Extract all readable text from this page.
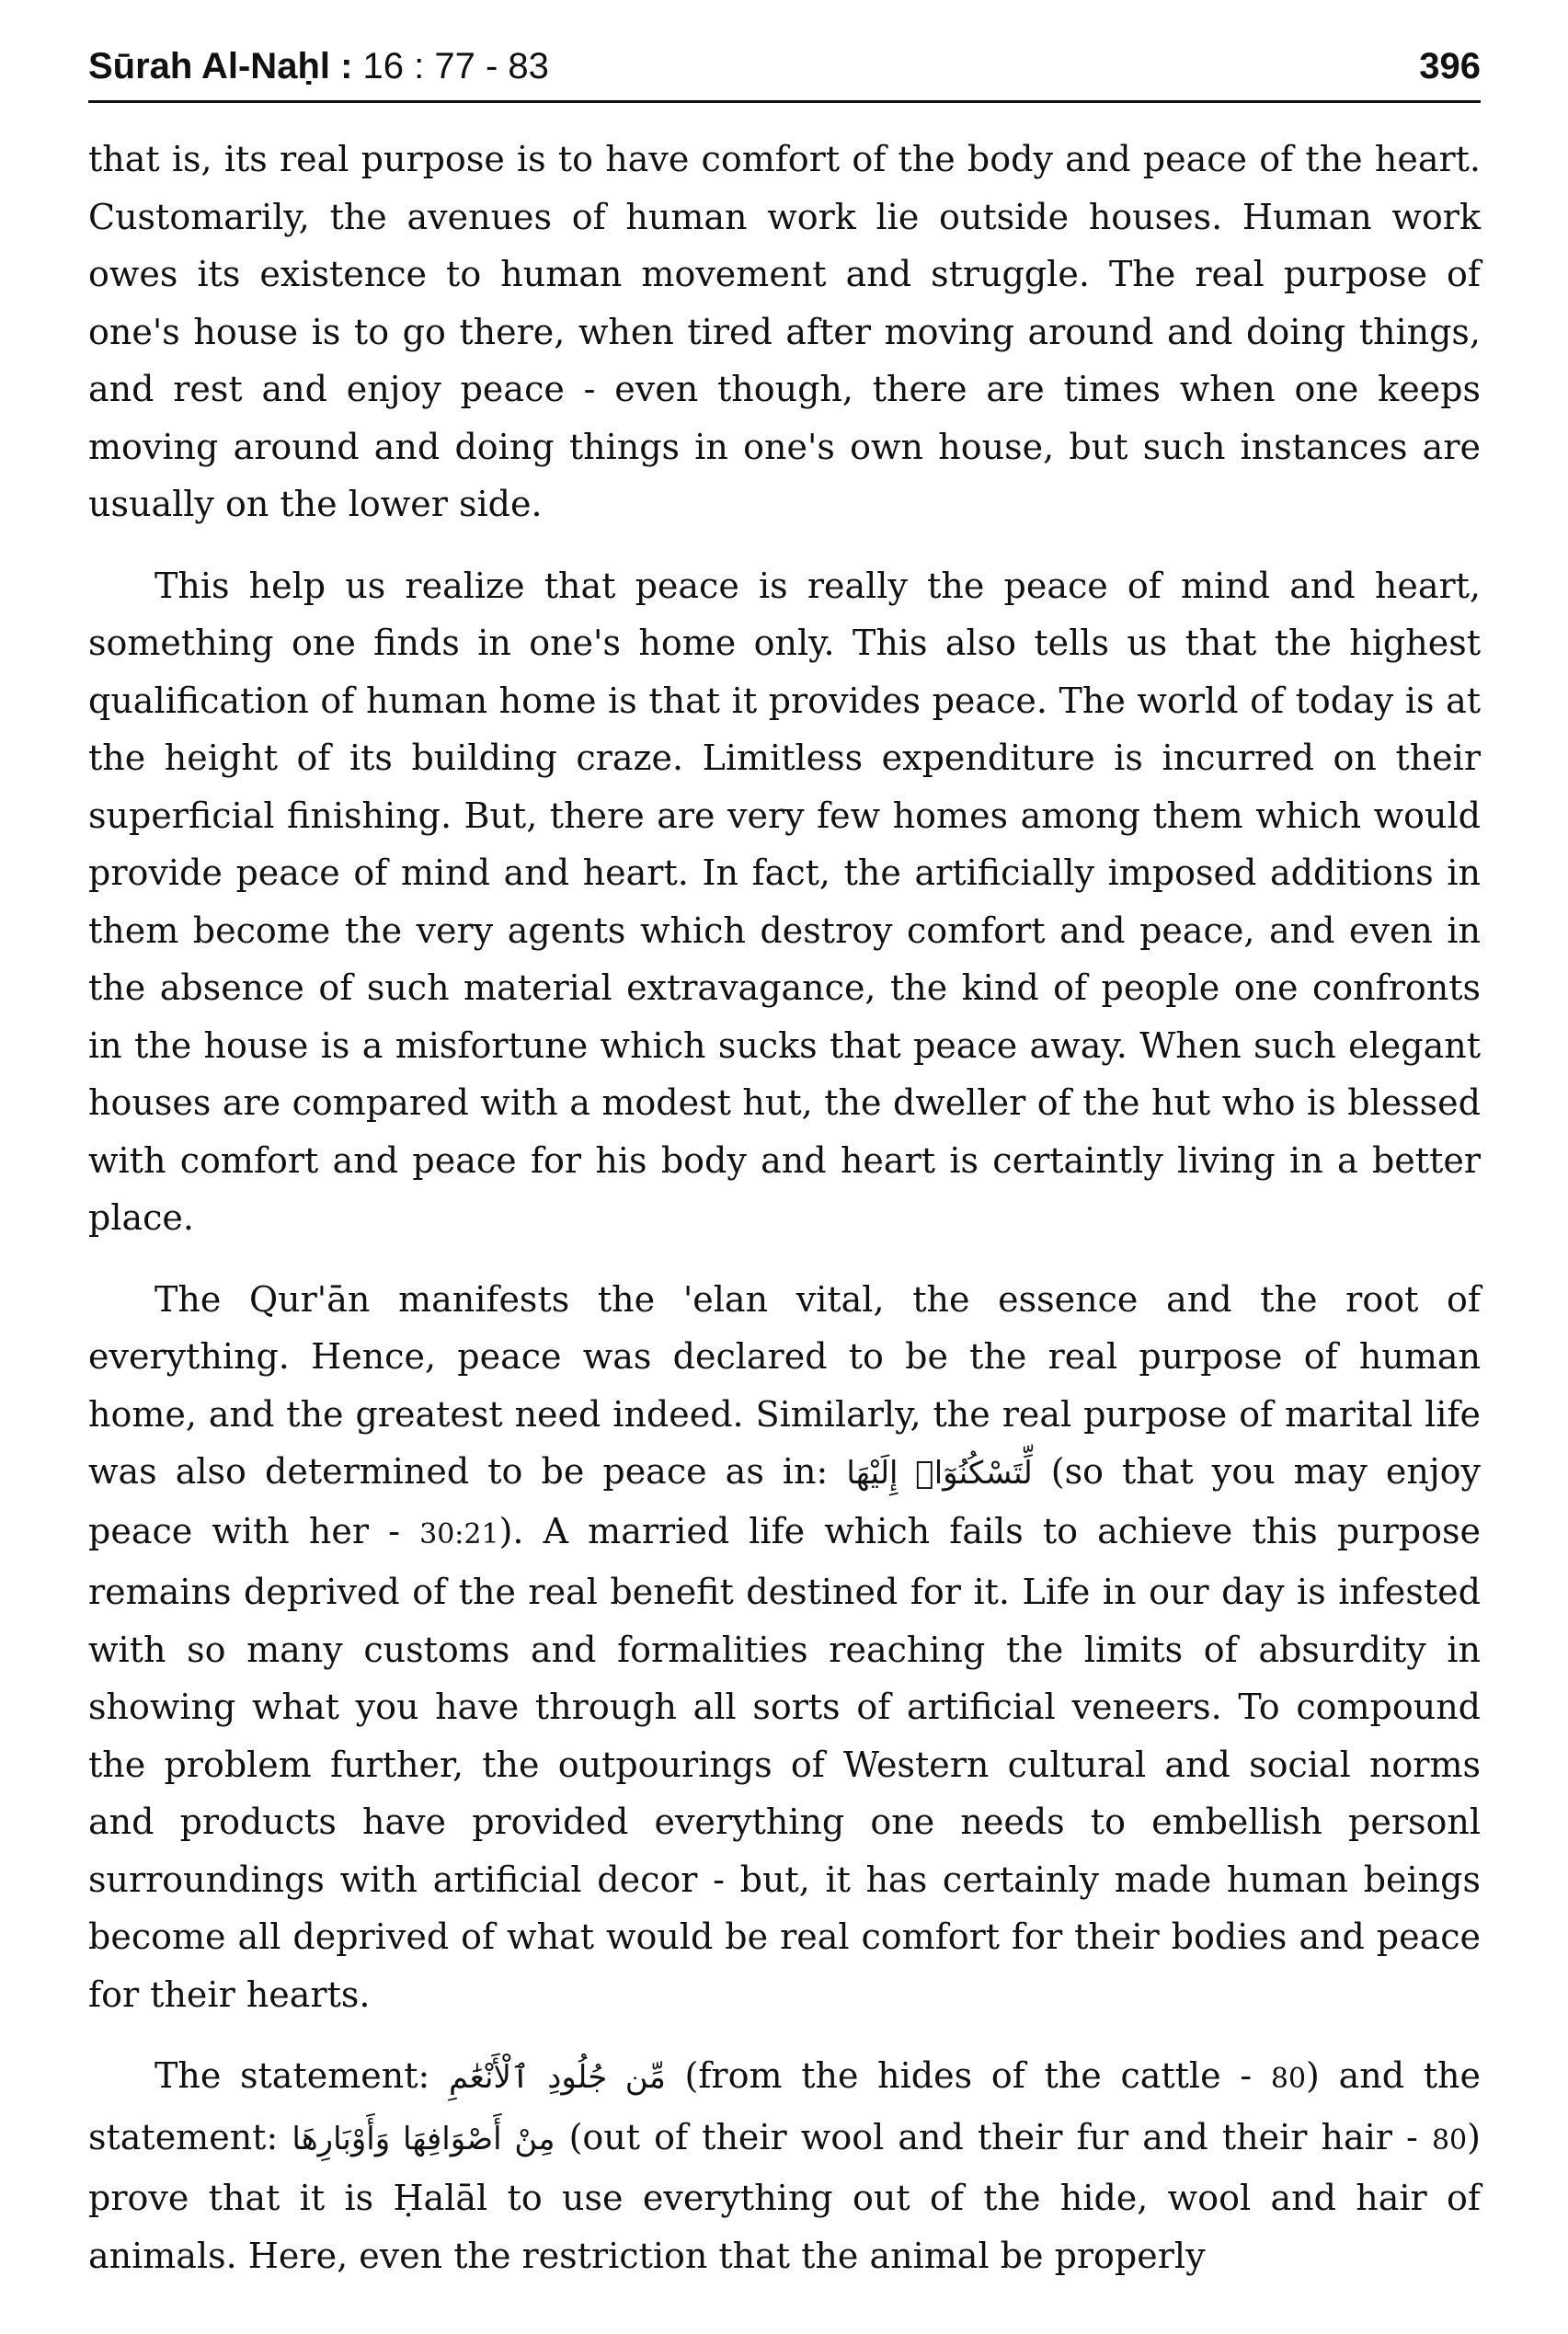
Sūrah Al-Naḥl : 16 : 77 - 83	396

that is, its real purpose is to have comfort of the body and peace of the heart. Customarily, the avenues of human work lie outside houses. Human work owes its existence to human movement and struggle. The real purpose of one's house is to go there, when tired after moving around and doing things, and rest and enjoy peace - even though, there are times when one keeps moving around and doing things in one's own house, but such instances are usually on the lower side.

This help us realize that peace is really the peace of mind and heart, something one finds in one's home only. This also tells us that the highest qualification of human home is that it provides peace. The world of today is at the height of its building craze. Limitless expenditure is incurred on their superficial finishing. But, there are very few homes among them which would provide peace of mind and heart. In fact, the artificially imposed additions in them become the very agents which destroy comfort and peace, and even in the absence of such material extravagance, the kind of people one confronts in the house is a misfortune which sucks that peace away. When such elegant houses are compared with a modest hut, the dweller of the hut who is blessed with comfort and peace for his body and heart is certaintly living in a better place.

The Qur'ān manifests the 'elan vital, the essence and the root of everything. Hence, peace was declared to be the real purpose of human home, and the greatest need indeed. Similarly, the real purpose of marital life was also determined to be peace as in: لِّتَسْكُنُوٓا۟ إِلَيْهَا (so that you may enjoy peace with her - 30:21). A married life which fails to achieve this purpose remains deprived of the real benefit destined for it. Life in our day is infested with so many customs and formalities reaching the limits of absurdity in showing what you have through all sorts of artificial veneers. To compound the problem further, the outpourings of Western cultural and social norms and products have provided everything one needs to embellish personl surroundings with artificial decor - but, it has certainly made human beings become all deprived of what would be real comfort for their bodies and peace for their hearts.

The statement: مِّن جُلُودِ ٱلْأَنْعَٰمِ (from the hides of the cattle - 80) and the statement: مِنْ أَصْوَافِهَا وَأَوْبَارِهَا (out of their wool and their fur and their hair - 80) prove that it is Ḥalāl to use everything out of the hide, wool and hair of animals. Here, even the restriction that the animal be properly
